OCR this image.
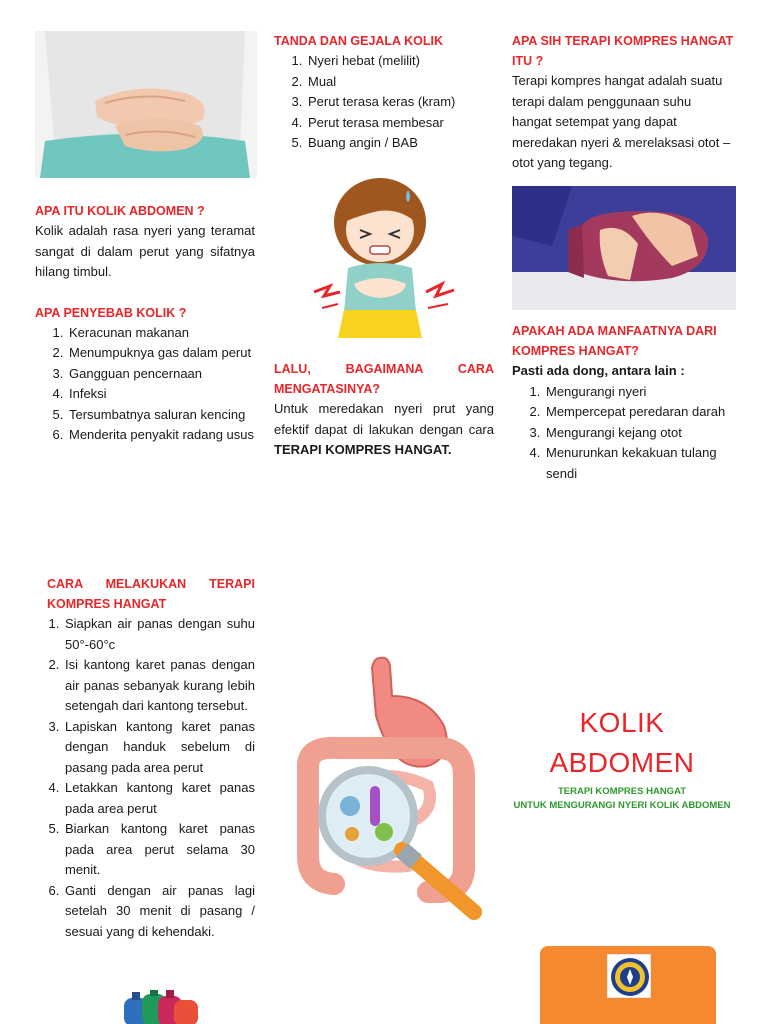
APA ITU KOLIK ABDOMEN ?

Kolik adalah rasa nyeri yang teramat sangat di dalam perut yang sifatnya hilang timbul.

APA PENYEBAB KOLIK ?
1. Keracunan makanan
2. Menumpuknya gas dalam perut
3. Gangguan pencernaan
4. Infeksi
5. Tersumbatnya saluran kencing
6. Menderita penyakit radang usus
TANDA DAN GEJALA KOLIK
1. Nyeri hebat (melilit)
2. Mual
3. Perut terasa keras (kram)
4. Perut terasa membesar
5. Buang angin / BAB
LALU, BAGAIMANA CARA MENGATASINYA?

Untuk meredakan nyeri prut yang efektif dapat di lakukan dengan cara TERAPI KOMPRES HANGAT.

APA SIH TERAPI KOMPRES HANGAT ITU ?

Terapi kompres hangat adalah suatu terapi dalam penggunaan suhu hangat setempat yang dapat meredakan nyeri & merelaksasi otot – otot yang tegang.

APAKAH ADA MANFAATNYA DARI KOMPRES HANGAT?

Pasti ada dong, antara lain :

1. Mengurangi nyeri
2. Mempercepat peredaran darah
3. Mengurangi kejang otot
4. Menurunkan kekakuan tulang sendi
CARA MELAKUKAN TERAPI KOMPRES HANGAT
1. Siapkan air panas dengan suhu 50°-60°c
2. Isi kantong karet panas dengan air panas sebanyak kurang lebih setengah dari kantong tersebut.
3. Lapiskan kantong karet panas dengan handuk sebelum di pasang pada area perut
4. Letakkan kantong karet panas pada area perut
5. Biarkan kantong karet panas pada area perut selama 30 menit.
6. Ganti dengan air panas lagi setelah 30 menit di pasang / sesuai yang di kehendaki.
KOLIK
ABDOMEN
TERAPI KOMPRES HANGAT
UNTUK MENGURANGI NYERI KOLIK ABDOMEN
